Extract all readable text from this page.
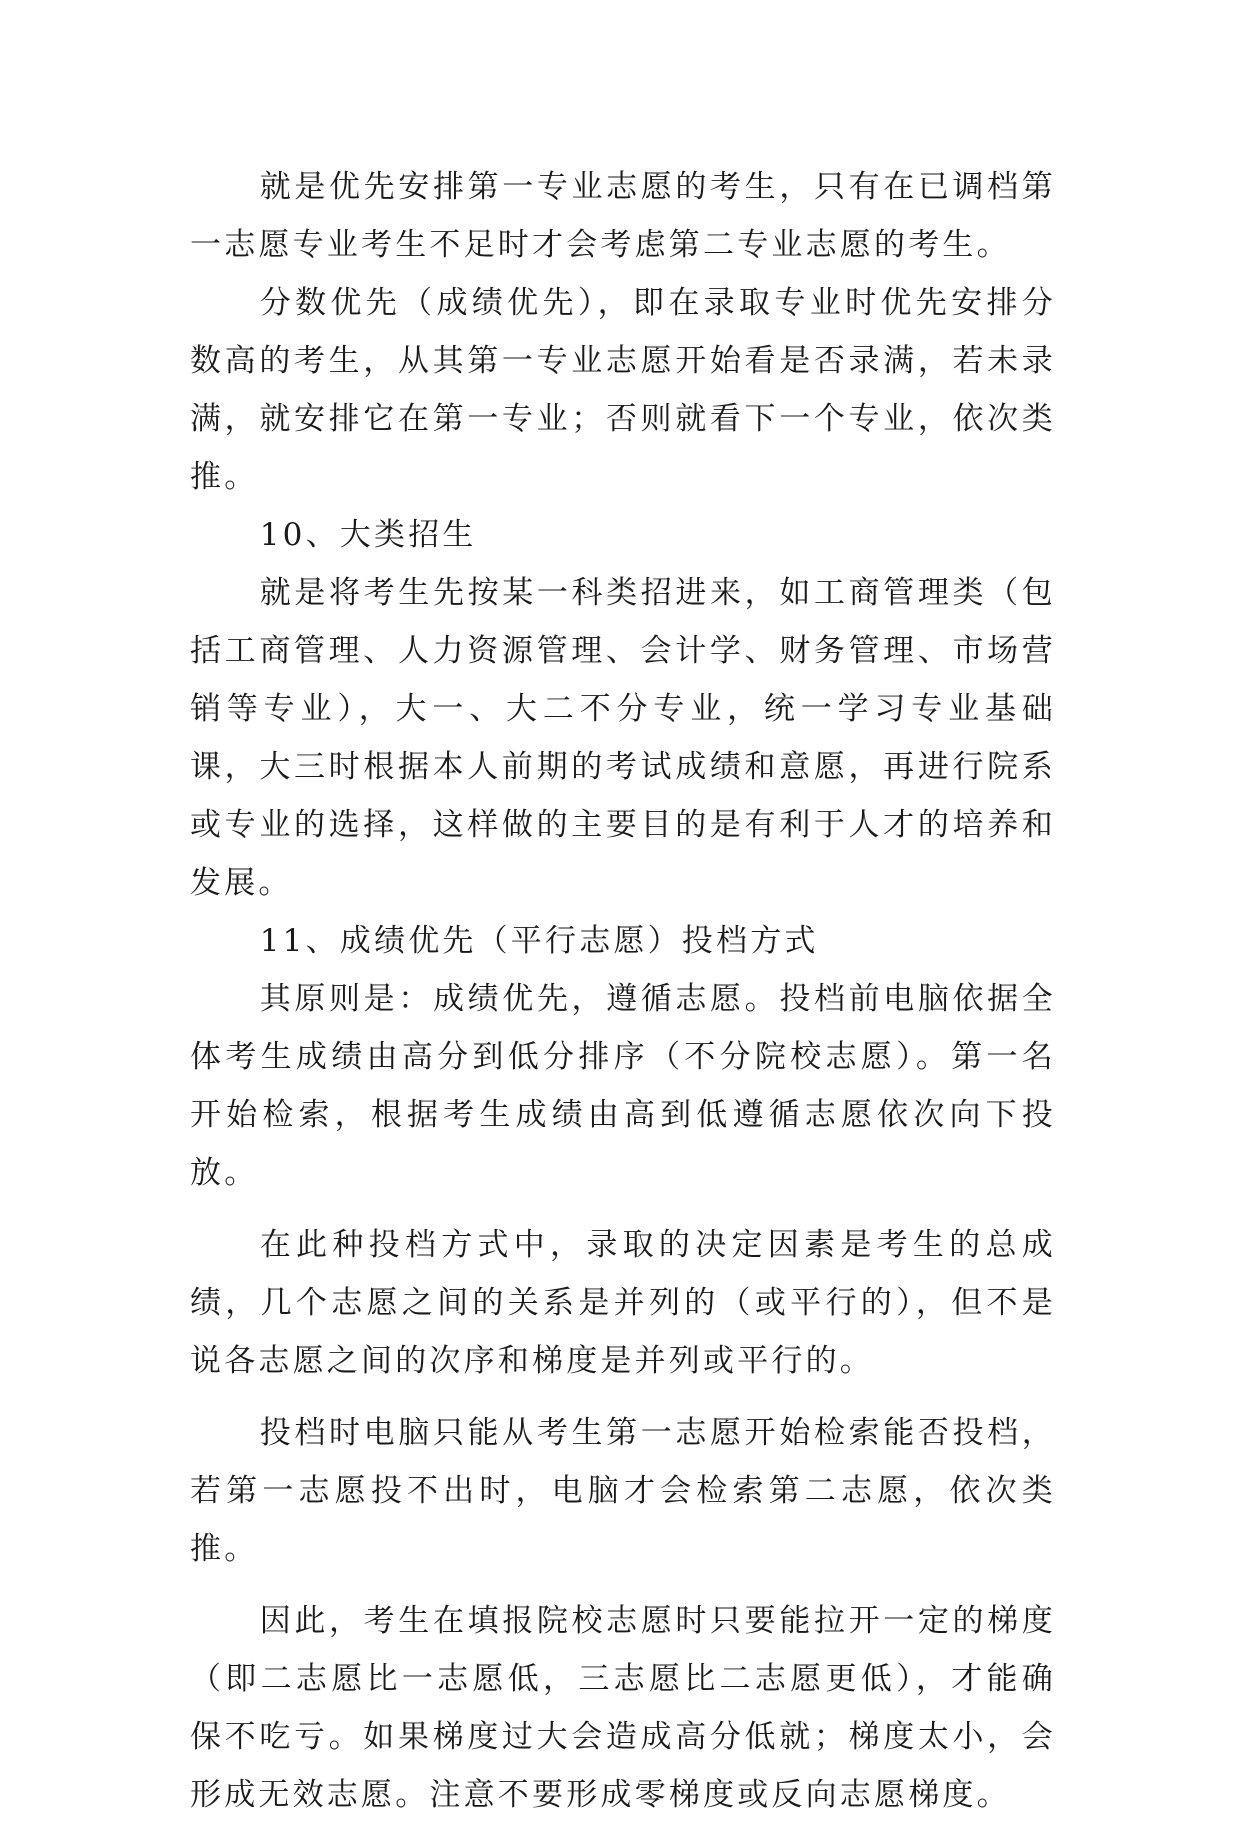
就是优先安排第一专业志愿的考生，只有在已调档第一志愿专业考生不足时才会考虑第二专业志愿的考生。

分数优先（成绩优先），即在录取专业时优先安排分数高的考生，从其第一专业志愿开始看是否录满，若未录满，就安排它在第一专业；否则就看下一个专业，依次类推。

10、大类招生

就是将考生先按某一科类招进来，如工商管理类（包括工商管理、人力资源管理、会计学、财务管理、市场营销等专业），大一、大二不分专业，统一学习专业基础课，大三时根据本人前期的考试成绩和意愿，再进行院系或专业的选择，这样做的主要目的是有利于人才的培养和发展。

11、成绩优先（平行志愿）投档方式

其原则是：成绩优先，遵循志愿。投档前电脑依据全体考生成绩由高分到低分排序（不分院校志愿）。第一名开始检索，根据考生成绩由高到低遵循志愿依次向下投放。

在此种投档方式中，录取的决定因素是考生的总成绩，几个志愿之间的关系是并列的（或平行的），但不是说各志愿之间的次序和梯度是并列或平行的。

投档时电脑只能从考生第一志愿开始检索能否投档，若第一志愿投不出时，电脑才会检索第二志愿，依次类推。

因此，考生在填报院校志愿时只要能拉开一定的梯度（即二志愿比一志愿低，三志愿比二志愿更低），才能确保不吃亏。如果梯度过大会造成高分低就；梯度太小，会形成无效志愿。注意不要形成零梯度或反向志愿梯度。
